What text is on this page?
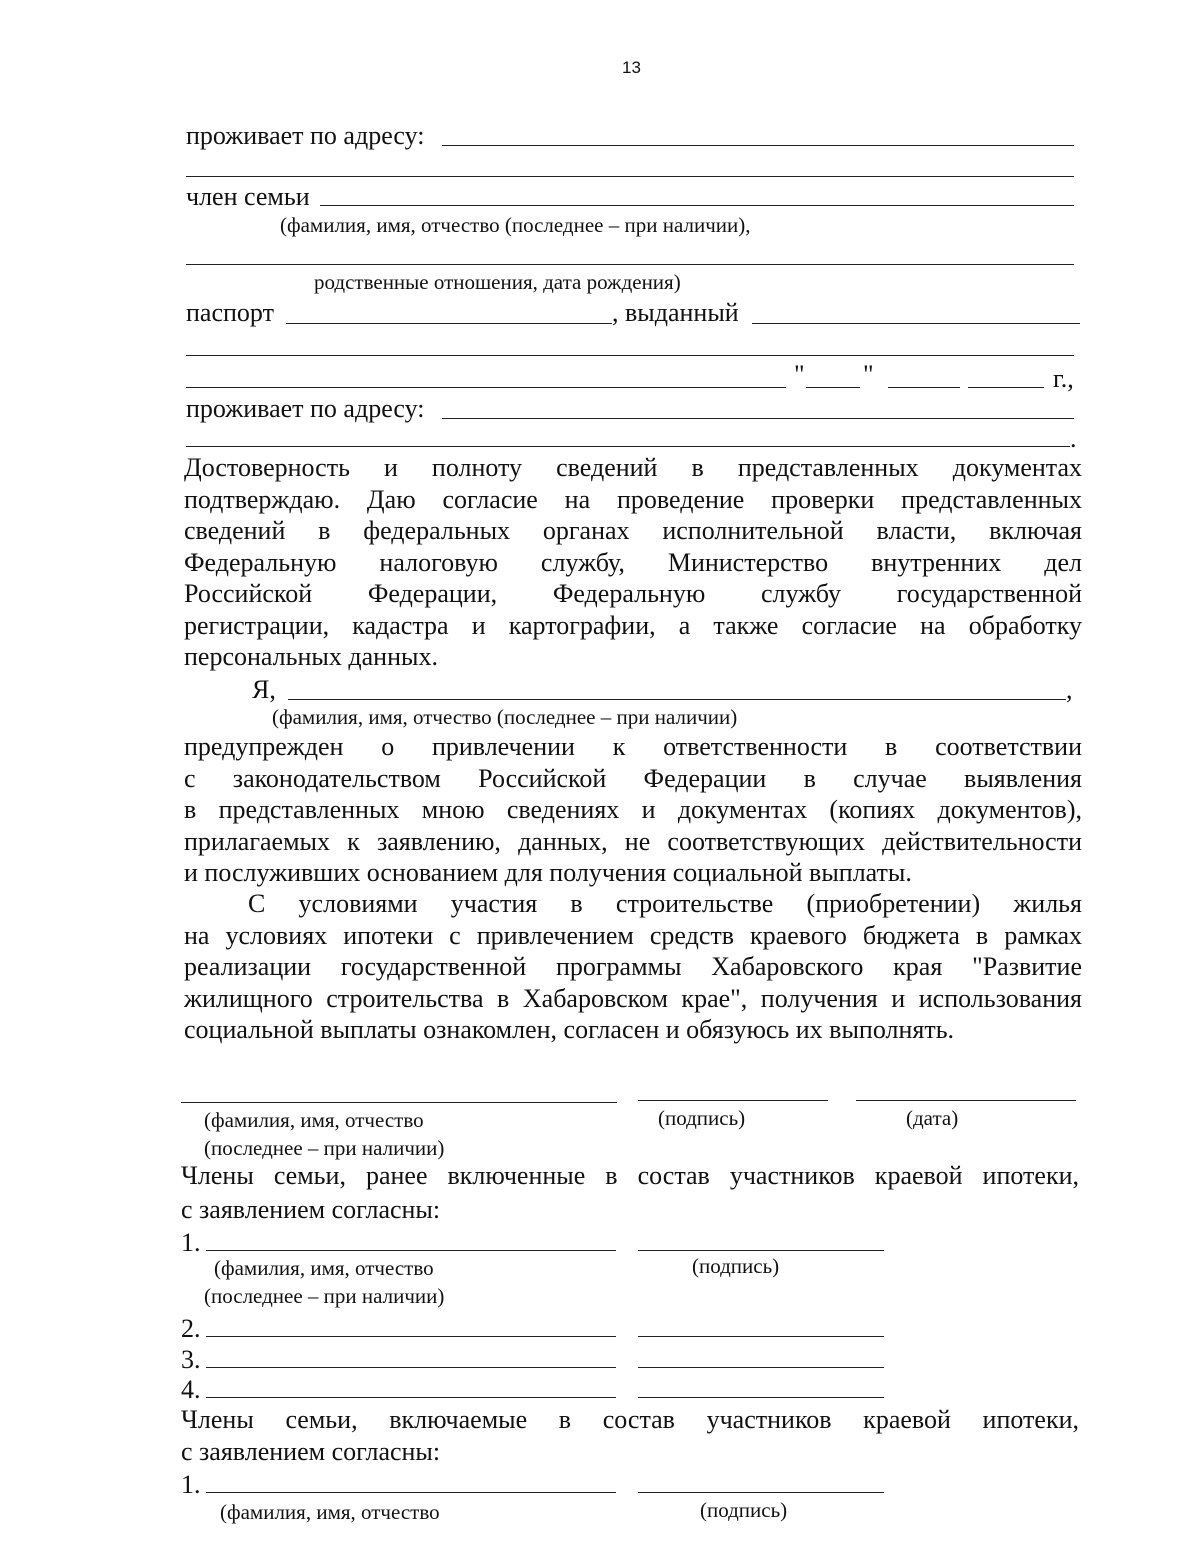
13
проживает по адресу:
член семьи
(фамилия, имя, отчество (последнее – при наличии),
родственные отношения, дата рождения)
паспорт	, выданный
" "	г.,
проживает по адресу:
.
Достоверность и полноту сведений в представленных документах
подтверждаю. Даю согласие на проведение проверки представленных
сведений в федеральных органах исполнительной власти, включая
Федеральную налоговую службу, Министерство внутренних дел
Российской Федерации, Федеральную службу государственной
регистрации, кадастра и картографии, а также согласие на обработку
персональных данных.
Я,	,
(фамилия, имя, отчество (последнее – при наличии)
предупрежден о привлечении к ответственности в соответствии
с законодательством Российской Федерации в случае выявления
в представленных мною сведениях и документах (копиях документов),
прилагаемых к заявлению, данных, не соответствующих действительности
и послуживших основанием для получения социальной выплаты.
С условиями участия в строительстве (приобретении) жилья
на условиях ипотеки с привлечением средств краевого бюджета в рамках
реализации государственной программы Хабаровского края "Развитие
жилищного строительства в Хабаровском крае", получения и использования
социальной выплаты ознакомлен, согласен и обязуюсь их выполнять.
(фамилия, имя, отчество	(подпись)	(дата)
(последнее – при наличии)
Члены семьи, ранее включенные в состав участников краевой ипотеки,
с заявлением согласны:
1.
(фамилия, имя, отчество	(подпись)
(последнее – при наличии)
2.
3.
4.
Члены семьи, включаемые в состав участников краевой ипотеки,
с заявлением согласны:
1.
(фамилия, имя, отчество	(подпись)
